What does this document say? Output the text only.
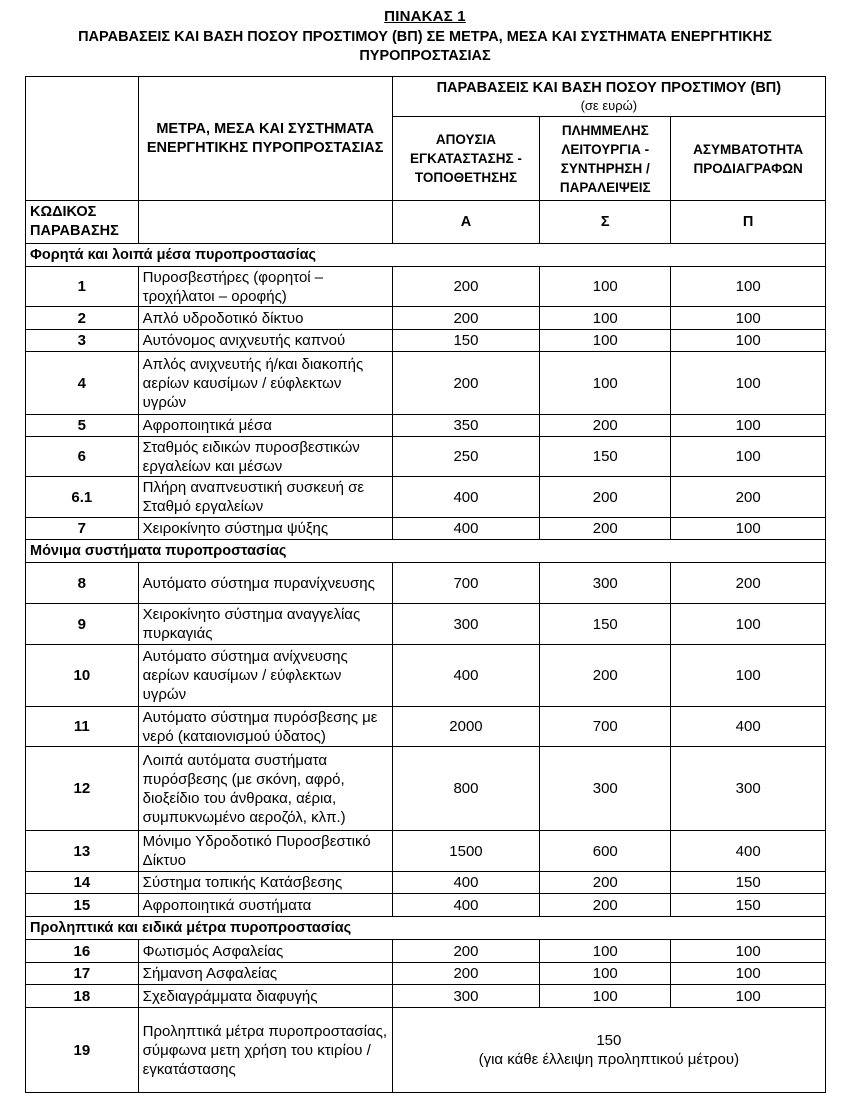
ΠΙΝΑΚΑΣ 1
ΠΑΡΑΒΑΣΕΙΣ ΚΑΙ ΒΑΣΗ ΠΟΣΟΥ ΠΡΟΣΤΙΜΟΥ (ΒΠ) ΣΕ ΜΕΤΡΑ, ΜΕΣΑ ΚΑΙ ΣΥΣΤΗΜΑΤΑ ΕΝΕΡΓΗΤΙΚΗΣ ΠΥΡΟΠΡΟΣΤΑΣΙΑΣ
	ΜΕΤΡΑ, ΜΕΣΑ ΚΑΙ ΣΥΣΤΗΜΑΤΑ ΕΝΕΡΓΗΤΙΚΗΣ ΠΥΡΟΠΡΟΣΤΑΣΙΑΣ	ΠΑΡΑΒΑΣΕΙΣ ΚΑΙ ΒΑΣΗ ΠΟΣΟΥ ΠΡΟΣΤΙΜΟΥ (ΒΠ)
(σε ευρώ)		

		ΑΠΟΥΣΙΑ ΕΓΚΑΤΑΣΤΑΣΗΣ - ΤΟΠΟΘΕΤΗΣΗΣ	ΠΛΗΜΜΕΛΗΣ ΛΕΙΤΟΥΡΓΙΑ - ΣΥΝΤΗΡΗΣΗ / ΠΑΡΑΛΕΙΨΕΙΣ	ΑΣΥΜΒΑΤΟΤΗΤΑ ΠΡΟΔΙΑΓΡΑΦΩΝ
ΚΩΔΙΚΟΣ ΠΑΡΑΒΑΣΗΣ		Α	Σ	Π
Φορητά και λοιπά μέσα πυροπροστασίας				
1	Πυροσβεστήρες (φορητοί – τροχήλατοι – οροφής)	200	100	100
2	Απλό υδροδοτικό δίκτυο	200	100	100
3	Αυτόνομος ανιχνευτής καπνού	150	100	100
4	Απλός ανιχνευτής ή/και διακοπής αερίων καυσίμων / εύφλεκτων υγρών	200	100	100
5	Αφροποιητικά μέσα	350	200	100
6	Σταθμός ειδικών πυροσβεστικών εργαλείων και μέσων	250	150	100
6.1	Πλήρη αναπνευστική συσκευή σε Σταθμό εργαλείων	400	200	200
7	Χειροκίνητο σύστημα ψύξης	400	200	100
Μόνιμα συστήματα πυροπροστασίας				
8	Αυτόματο σύστημα πυρανίχνευσης	700	300	200
9	Χειροκίνητο σύστημα αναγγελίας πυρκαγιάς	300	150	100
10	Αυτόματο σύστημα ανίχνευσης αερίων καυσίμων / εύφλεκτων υγρών	400	200	100
11	Αυτόματο σύστημα πυρόσβεσης με νερό (καταιονισμού ύδατος)	2000	700	400
12	Λοιπά αυτόματα συστήματα πυρόσβεσης (με σκόνη, αφρό, διοξείδιο του άνθρακα, αέρια, συμπυκνωμένο αεροζόλ, κλπ.)	800	300	300
13	Μόνιμο Υδροδοτικό Πυροσβεστικό Δίκτυο	1500	600	400
14	Σύστημα τοπικής Κατάσβεσης	400	200	150
15	Αφροποιητικά συστήματα	400	200	150
Προληπτικά και ειδικά μέτρα πυροπροστασίας				
16	Φωτισμός Ασφαλείας	200	100	100
17	Σήμανση Ασφαλείας	200	100	100
18	Σχεδιαγράμματα διαφυγής	300	100	100
19	Προληπτικά μέτρα πυροπροστασίας, σύμφωνα μετη χρήση του κτιρίου / εγκατάστασης	150
(για κάθε έλλειψη προληπτικού μέτρου)		
